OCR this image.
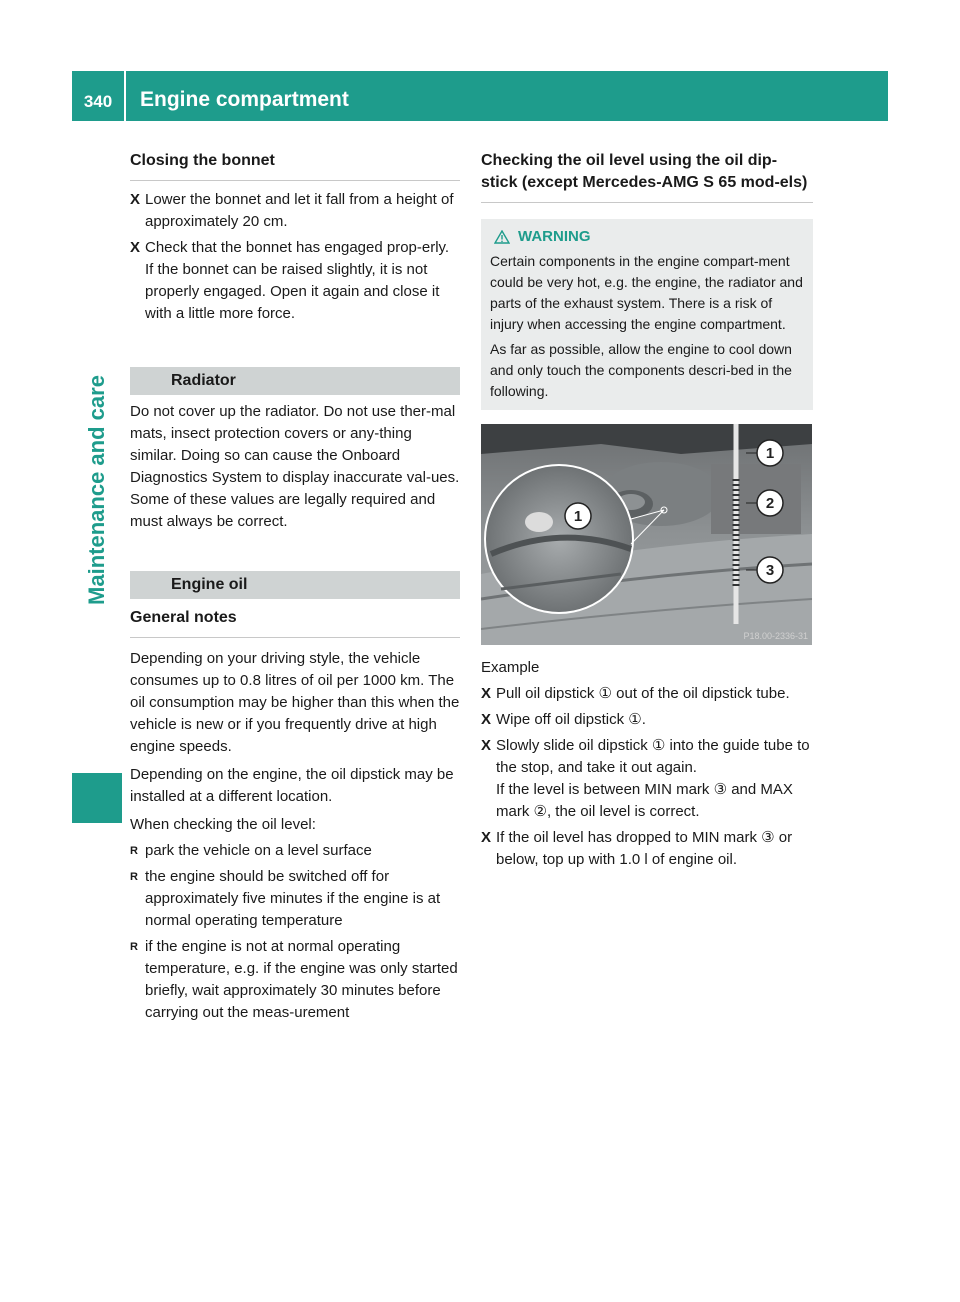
340	Engine compartment
Maintenance and care
Closing the bonnet
X Lower the bonnet and let it fall from a height of approximately 20 cm.
X Check that the bonnet has engaged prop-erly.

If the bonnet can be raised slightly, it is not properly engaged. Open it again and close it with a little more force.

Radiator

Do not cover up the radiator. Do not use ther-mal mats, insect protection covers or any-thing similar. Doing so can cause the Onboard Diagnostics System to display inaccurate val-ues. Some of these values are legally required and must always be correct.

Engine oil
General notes

Depending on your driving style, the vehicle consumes up to 0.8 litres of oil per 1000 km. The oil consumption may be higher than this when the vehicle is new or if you frequently drive at high engine speeds.

Depending on the engine, the oil dipstick may be installed at a different location.

When checking the oil level:

R park the vehicle on a level surface
R the engine should be switched off for approximately five minutes if the engine is at normal operating temperature
R if the engine is not at normal operating temperature, e.g. if the engine was only started briefly, wait approximately 30 minutes before carrying out the meas-urement
Checking the oil level using the oil dip-stick (except Mercedes-AMG S 65 mod-els)
WARNING

Certain components in the engine compart-ment could be very hot, e.g. the engine, the radiator and parts of the exhaust system. There is a risk of injury when accessing the engine compartment.

As far as possible, allow the engine to cool down and only touch the components descri-bed in the following.

1
1
2
3
P18.00-2336-31

Example

X Pull oil dipstick ① out of the oil dipstick tube.
X Wipe off oil dipstick ①.
X Slowly slide oil dipstick ① into the guide tube to the stop, and take it out again.

If the level is between MIN mark ③ and MAX mark ②, the oil level is correct.

X If the oil level has dropped to MIN mark ③ or below, top up with 1.0 l of engine oil.
